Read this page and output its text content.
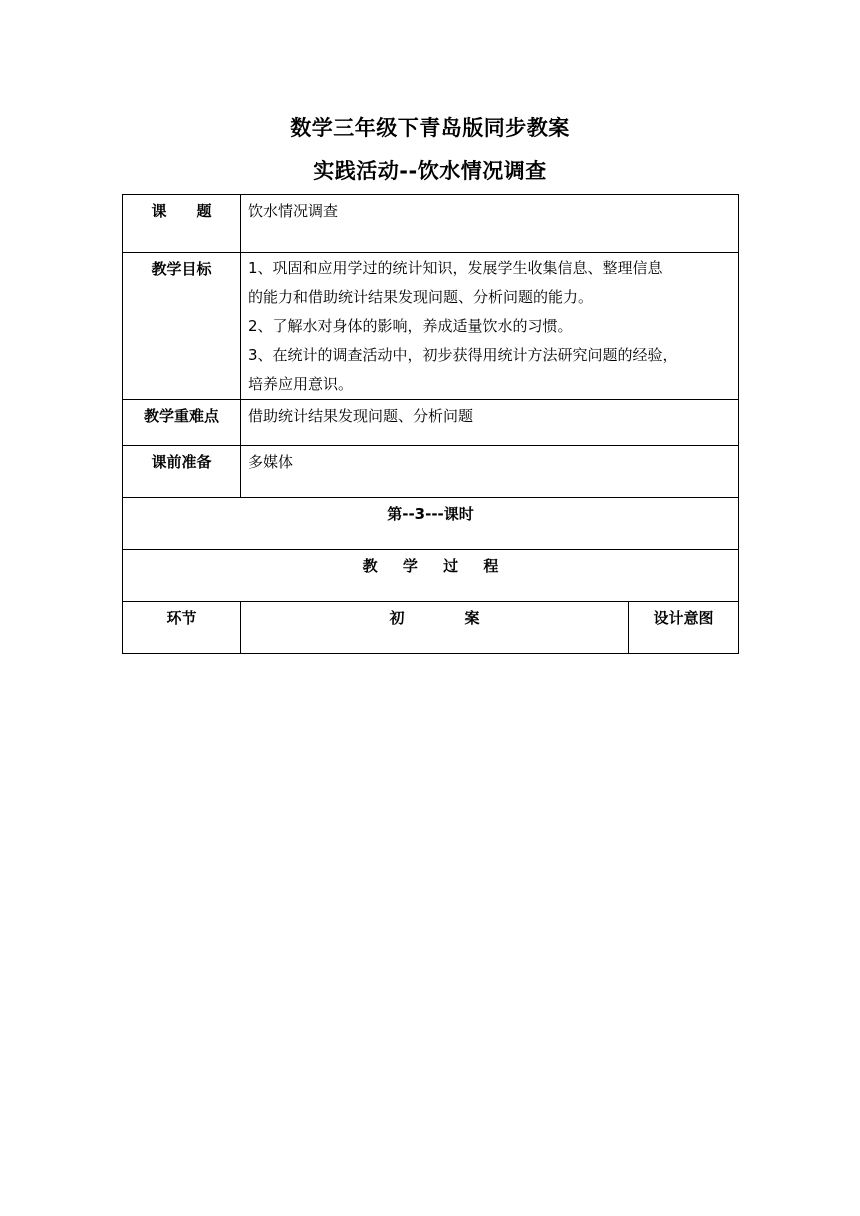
数学三年级下青岛版同步教案
实践活动--饮水情况调查
课　　题	饮水情况调查	
教学目标	1、巩固和应用学过的统计知识，发展学生收集信息、整理信息
的能力和借助统计结果发现问题、分析问题的能力。
2、了解水对身体的影响，养成适量饮水的习惯。
3、在统计的调查活动中，初步获得用统计方法研究问题的经验，
培养应用意识。	

教学重难点	借助统计结果发现问题、分析问题	
课前准备	多媒体	
第--3---课时		
教 学 过 程		
环节	初　　　　案	设计意图
